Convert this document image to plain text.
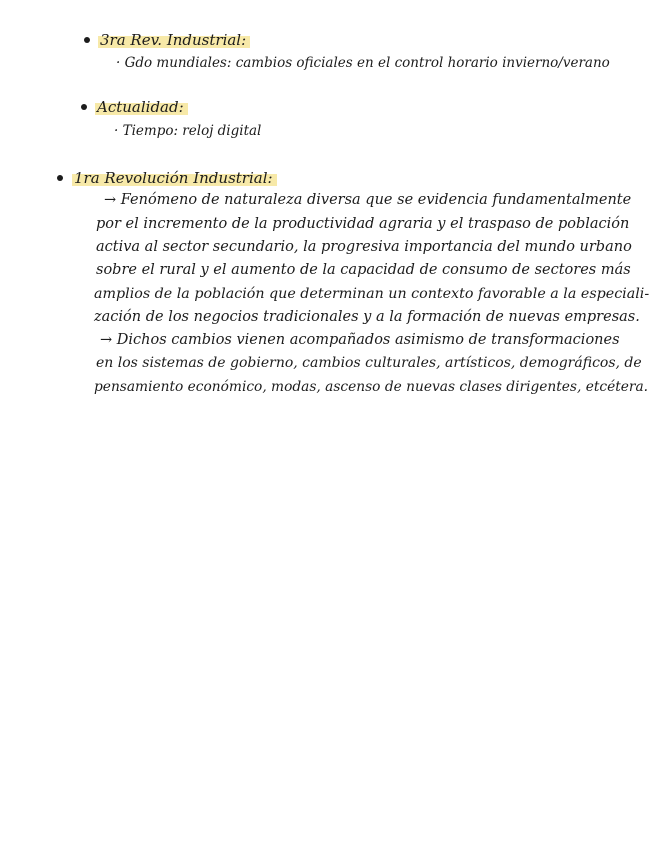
3ra Rev. Industrial:
· Gdo mundiales: cambios oficiales en el control horario invierno/verano
Actualidad:
· Tiempo: reloj digital
1ra Revolución Industrial:
→ Fenómeno de naturaleza diversa que se evidencia fundamentalmente
por el incremento de la productividad agraria y el traspaso de población
activa al sector secundario, la progresiva importancia del mundo urbano
sobre el rural y el aumento de la capacidad de consumo de sectores más
amplios de la población que determinan un contexto favorable a la especiali-
zación de los negocios tradicionales y a la formación de nuevas empresas.
→ Dichos cambios vienen acompañados asimismo de transformaciones
en los sistemas de gobierno, cambios culturales, artísticos, demográficos, de
pensamiento económico, modas, ascenso de nuevas clases dirigentes, etcétera.
